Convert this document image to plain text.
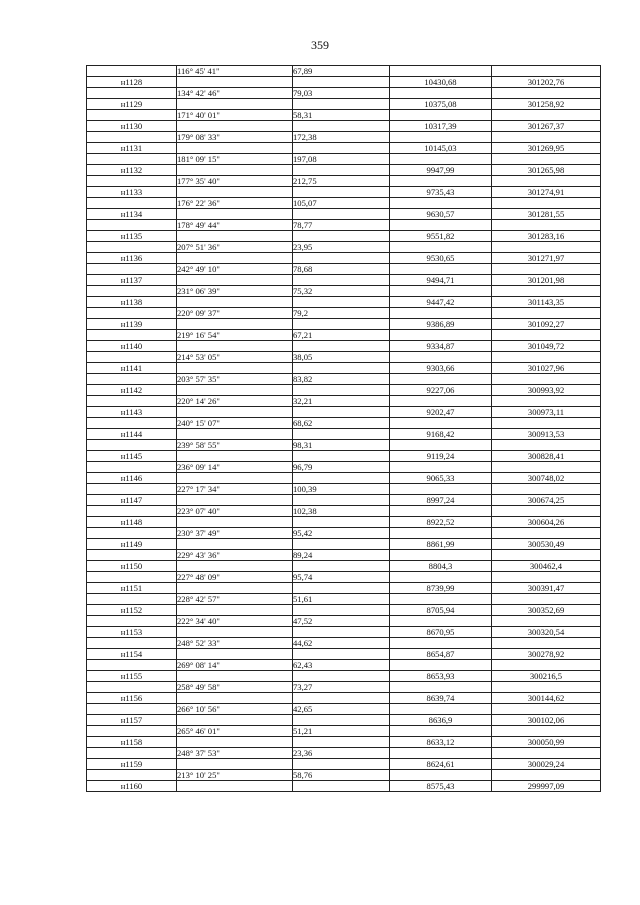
359
	116° 45' 41"	67,89		
н1128			10430,68	301202,76
	134° 42' 46"	79,03		
н1129			10375,08	301258,92
	171° 40' 01"	58,31		
н1130			10317,39	301267,37
	179° 08' 33"	172,38		
н1131			10145,03	301269,95
	181° 09' 15"	197,08		
н1132			9947,99	301265,98
	177° 35' 40"	212,75		
н1133			9735,43	301274,91
	176° 22' 36"	105,07		
н1134			9630,57	301281,55
	178° 49' 44"	78,77		
н1135			9551,82	301283,16
	207° 51' 36"	23,95		
н1136			9530,65	301271,97
	242° 49' 10"	78,68		
н1137			9494,71	301201,98
	231° 06' 39"	75,32		
н1138			9447,42	301143,35
	220° 09' 37"	79,2		
н1139			9386,89	301092,27
	219° 16' 54"	67,21		
н1140			9334,87	301049,72
	214° 53' 05"	38,05		
н1141			9303,66	301027,96
	203° 57' 35"	83,82		
н1142			9227,06	300993,92
	220° 14' 26"	32,21		
н1143			9202,47	300973,11
	240° 15' 07"	68,62		
н1144			9168,42	300913,53
	239° 58' 55"	98,31		
н1145			9119,24	300828,41
	236° 09' 14"	96,79		
н1146			9065,33	300748,02
	227° 17' 34"	100,39		
н1147			8997,24	300674,25
	223° 07' 40"	102,38		
н1148			8922,52	300604,26
	230° 37' 49"	95,42		
н1149			8861,99	300530,49
	229° 43' 36"	89,24		
н1150			8804,3	300462,4
	227° 48' 09"	95,74		
н1151			8739,99	300391,47
	228° 42' 57"	51,61		
н1152			8705,94	300352,69
	222° 34' 40"	47,52		
н1153			8670,95	300320,54
	248° 52' 33"	44,62		
н1154			8654,87	300278,92
	269° 08' 14"	62,43		
н1155			8653,93	300216,5
	258° 49' 58"	73,27		
н1156			8639,74	300144,62
	266° 10' 56"	42,65		
н1157			8636,9	300102,06
	265° 46' 01"	51,21		
н1158			8633,12	300050,99
	248° 37' 53"	23,36		
н1159			8624,61	300029,24
	213° 10' 25"	58,76		
н1160			8575,43	299997,09
